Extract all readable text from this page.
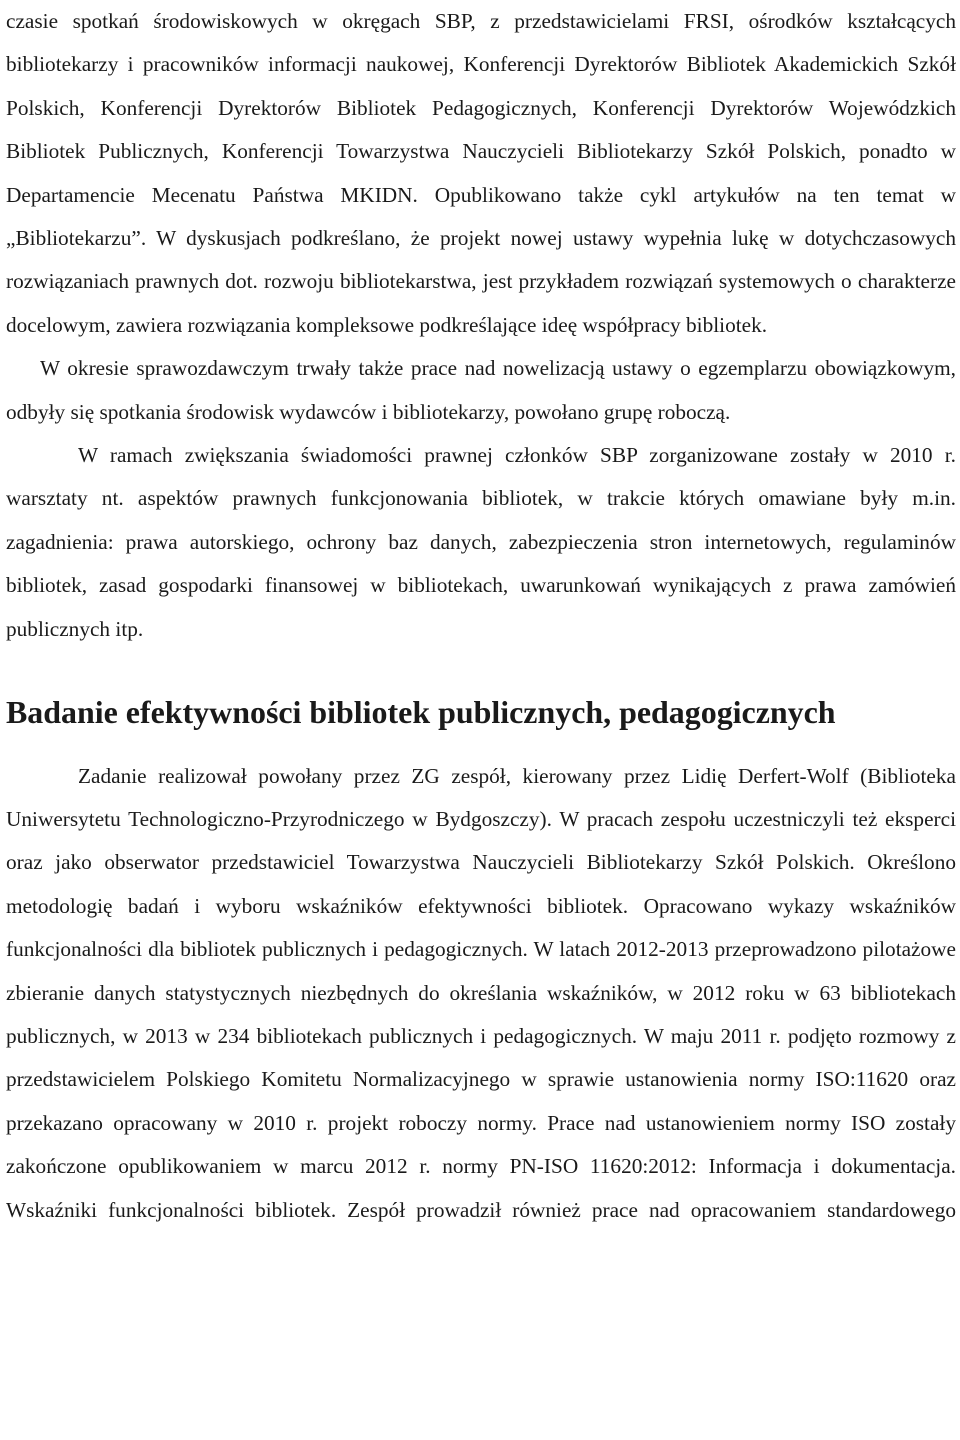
czasie spotkań środowiskowych w okręgach SBP, z przedstawicielami FRSI, ośrodków kształcących bibliotekarzy i pracowników informacji naukowej, Konferencji Dyrektorów Bibliotek Akademickich Szkół Polskich, Konferencji Dyrektorów Bibliotek Pedagogicznych, Konferencji Dyrektorów Wojewódzkich Bibliotek Publicznych, Konferencji Towarzystwa Nauczycieli Bibliotekarzy Szkół Polskich, ponadto w Departamencie Mecenatu Państwa MKIDN. Opublikowano także cykl artykułów na ten temat w „Bibliotekarzu”. W dyskusjach podkreślano, że projekt nowej ustawy wypełnia lukę w dotychczasowych rozwiązaniach prawnych dot. rozwoju bibliotekarstwa, jest przykładem rozwiązań systemowych o charakterze docelowym, zawiera rozwiązania kompleksowe podkreślające ideę współpracy bibliotek.

W okresie sprawozdawczym trwały także prace nad nowelizacją ustawy o egzemplarzu obowiązkowym, odbyły się spotkania środowisk wydawców i bibliotekarzy, powołano grupę roboczą.

W ramach zwiększania świadomości prawnej członków SBP zorganizowane zostały w 2010 r. warsztaty nt. aspektów prawnych funkcjonowania bibliotek, w trakcie których omawiane były m.in. zagadnienia: prawa autorskiego, ochrony baz danych, zabezpieczenia stron internetowych, regulaminów bibliotek, zasad gospodarki finansowej w bibliotekach, uwarunkowań wynikających z prawa zamówień publicznych itp.

Badanie efektywności bibliotek publicznych, pedagogicznych

Zadanie realizował powołany przez ZG zespół, kierowany przez Lidię Derfert-Wolf (Biblioteka Uniwersytetu Technologiczno-Przyrodniczego w Bydgoszczy). W pracach zespołu uczestniczyli też eksperci oraz jako obserwator przedstawiciel Towarzystwa Nauczycieli Bibliotekarzy Szkół Polskich. Określono metodologię badań i wyboru wskaźników efektywności bibliotek. Opracowano wykazy wskaźników funkcjonalności dla bibliotek publicznych i pedagogicznych. W latach 2012-2013 przeprowadzono pilotażowe zbieranie danych statystycznych niezbędnych do określania wskaźników, w 2012 roku w 63 bibliotekach publicznych, w 2013 w 234 bibliotekach publicznych i pedagogicznych. W maju 2011 r. podjęto rozmowy z przedstawicielem Polskiego Komitetu Normalizacyjnego w sprawie ustanowienia normy ISO:11620 oraz przekazano opracowany w 2010 r. projekt roboczy normy. Prace nad ustanowieniem normy ISO zostały zakończone opublikowaniem w marcu 2012 r. normy PN-ISO 11620:2012: Informacja i dokumentacja. Wskaźniki funkcjonalności bibliotek. Zespół prowadził również prace nad opracowaniem standardowego
